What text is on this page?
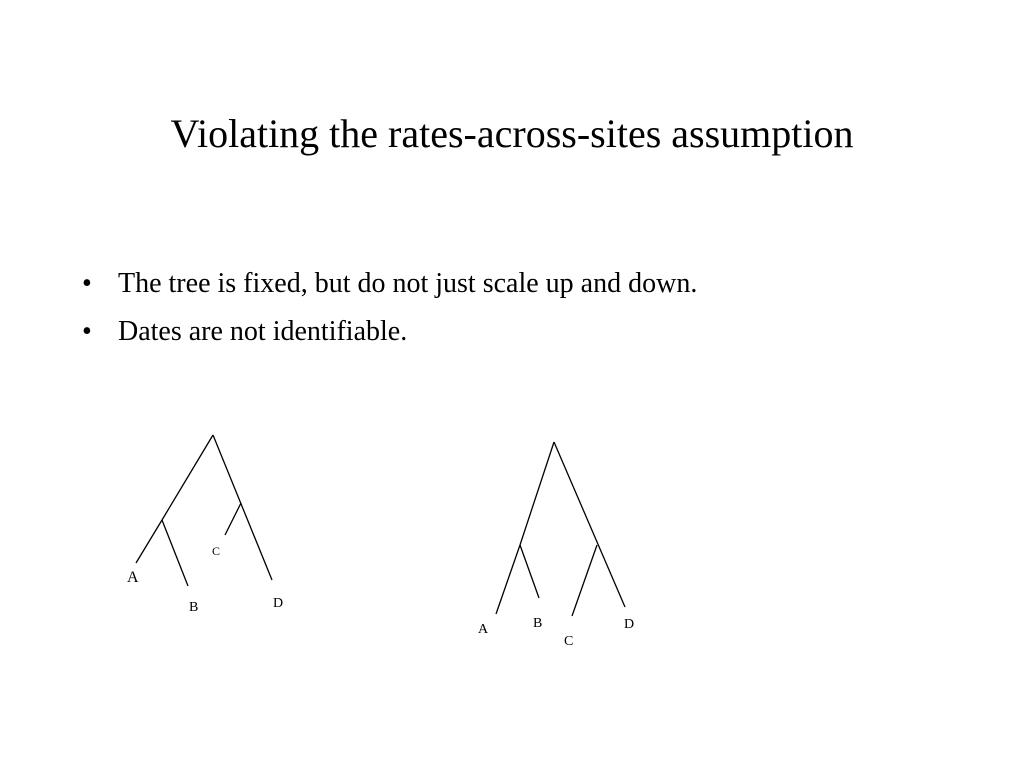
Violating the rates-across-sites assumption
• The tree is fixed, but do not just scale up and down.
• Dates are not identifiable.
A
B
C
D
A	B
C
D
